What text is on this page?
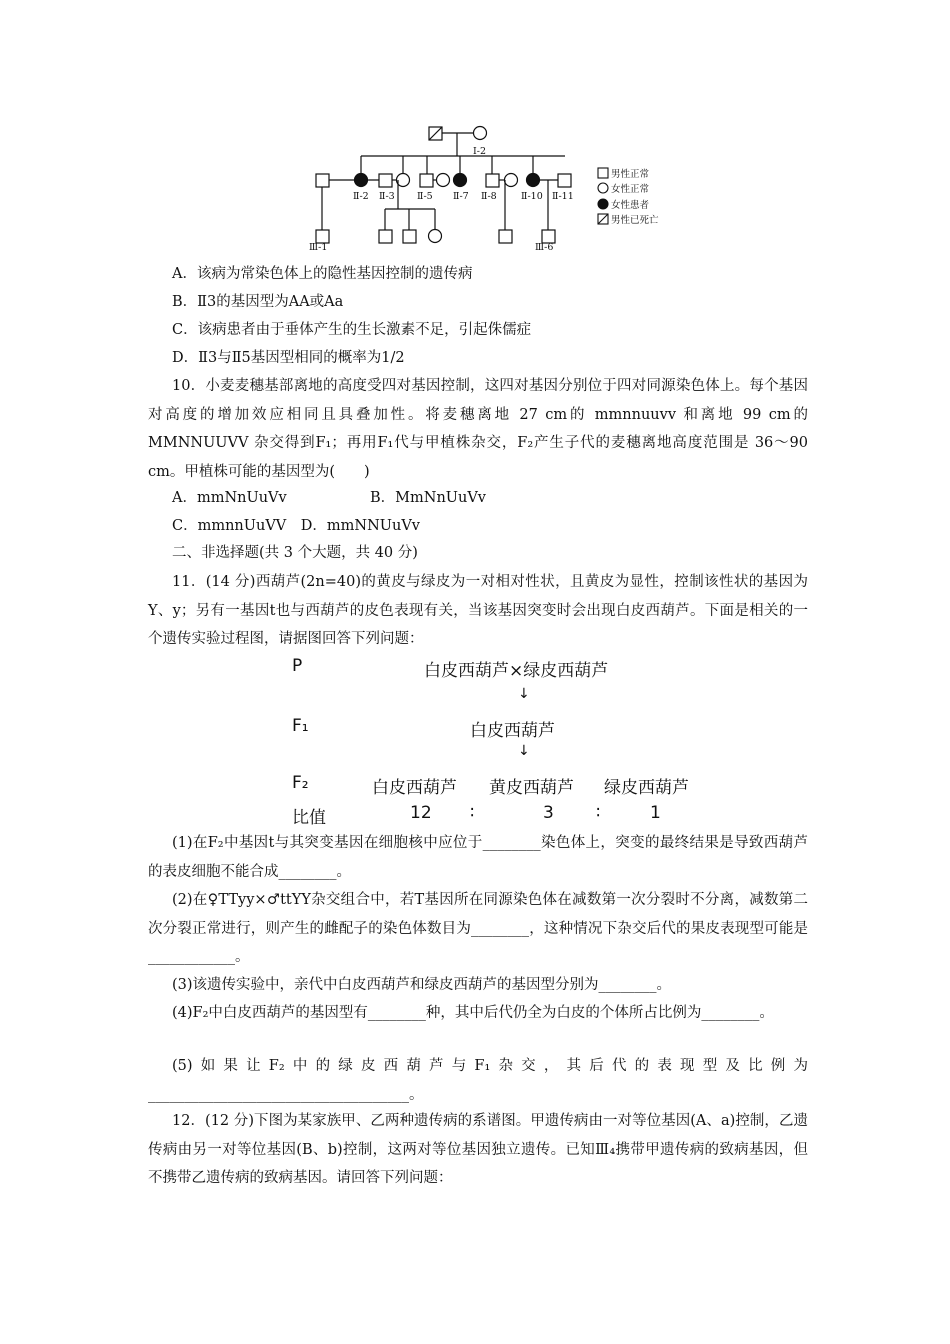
Ⅰ-2
Ⅱ-2 Ⅱ-3 Ⅱ-5 Ⅱ-7 Ⅱ-8	Ⅱ-10 Ⅱ-11
Ⅲ-1	Ⅲ-6
男性正常
女性正常
女性患者
男性已死亡
A．该病为常染色体上的隐性基因控制的遗传病
B．Ⅱ3的基因型为AA或Aa
C．该病患者由于垂体产生的生长激素不足，引起侏儒症
D．Ⅱ3与Ⅱ5基因型相同的概率为1/2
10．小麦麦穗基部离地的高度受四对基因控制，这四对基因分别位于四对同源染色体上。每个基因对高度的增加效应相同且具叠加性。将麦穗离地 27 cm的 mmnnuuvv 和离地 99 cm的 MMNNUUVV 杂交得到F₁；再用F₁代与甲植株杂交，F₂产生子代的麦穗离地高度范围是 36～90 cm。甲植株可能的基因型为(　　)
A．mmNnUuVv	B．MmNnUuVv
C．mmnnUuVV　D．mmNNUuVv
二、非选择题(共 3 个大题，共 40 分)
11．(14 分)西葫芦(2n=40)的黄皮与绿皮为一对相对性状，且黄皮为显性，控制该性状的基因为Y、y；另有一基因t也与西葫芦的皮色表现有关，当该基因突变时会出现白皮西葫芦。下面是相关的一个遗传实验过程图，请据图回答下列问题：
P	白皮西葫芦×绿皮西葫芦
↓
F₁	白皮西葫芦
↓
F₂	白皮西葫芦 黄皮西葫芦 绿皮西葫芦
比值	12 ∶	3 ∶	1
(1)在F₂中基因t与其突变基因在细胞核中应位于________染色体上，突变的最终结果是导致西葫芦的表皮细胞不能合成________。
(2)在♀TTyy×♂ttYY杂交组合中，若T基因所在同源染色体在减数第一次分裂时不分离，减数第二次分裂正常进行，则产生的雌配子的染色体数目为________，这种情况下杂交后代的果皮表现型可能是____________。
(3)该遗传实验中，亲代中白皮西葫芦和绿皮西葫芦的基因型分别为________。
(4)F₂中白皮西葫芦的基因型有________种，其中后代仍全为白皮的个体所占比例为________。
(5)如果让F₂中的绿皮西葫芦与F₁杂交，其后代的表现型及比例为____________________________________。
12．(12 分)下图为某家族甲、乙两种遗传病的系谱图。甲遗传病由一对等位基因(A、a)控制，乙遗传病由另一对等位基因(B、b)控制，这两对等位基因独立遗传。已知Ⅲ₄携带甲遗传病的致病基因，但不携带乙遗传病的致病基因。请回答下列问题：
